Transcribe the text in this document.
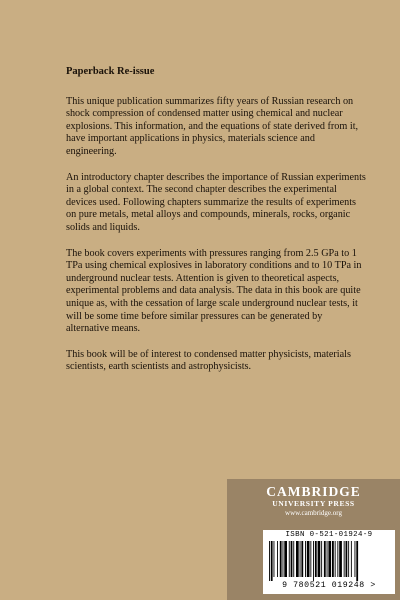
Paperback Re-issue

This unique publication summarizes fifty years of Russian research on shock compression of condensed matter using chemical and nuclear explosions. This information, and the equations of state derived from it, have important applications in physics, materials science and engineering.

An introductory chapter describes the importance of Russian experiments in a global context. The second chapter describes the experimental devices used. Following chapters summarize the results of experiments on pure metals, metal alloys and compounds, minerals, rocks, organic solids and liquids.

The book covers experiments with pressures ranging from 2.5 GPa to 1 TPa using chemical explosives in laboratory conditions and to 10 TPa in underground nuclear tests. Attention is given to theoretical aspects, experimental problems and data analysis. The data in this book are quite unique as, with the cessation of large scale underground nuclear tests, it will be some time before similar pressures can be generated by alternative means.

This book will be of interest to condensed matter physicists, materials scientists, earth scientists and astrophysicists.

CAMBRIDGE
UNIVERSITY PRESS
www.cambridge.org
ISBN 0-521-01924-9
9 780521 019248 >
